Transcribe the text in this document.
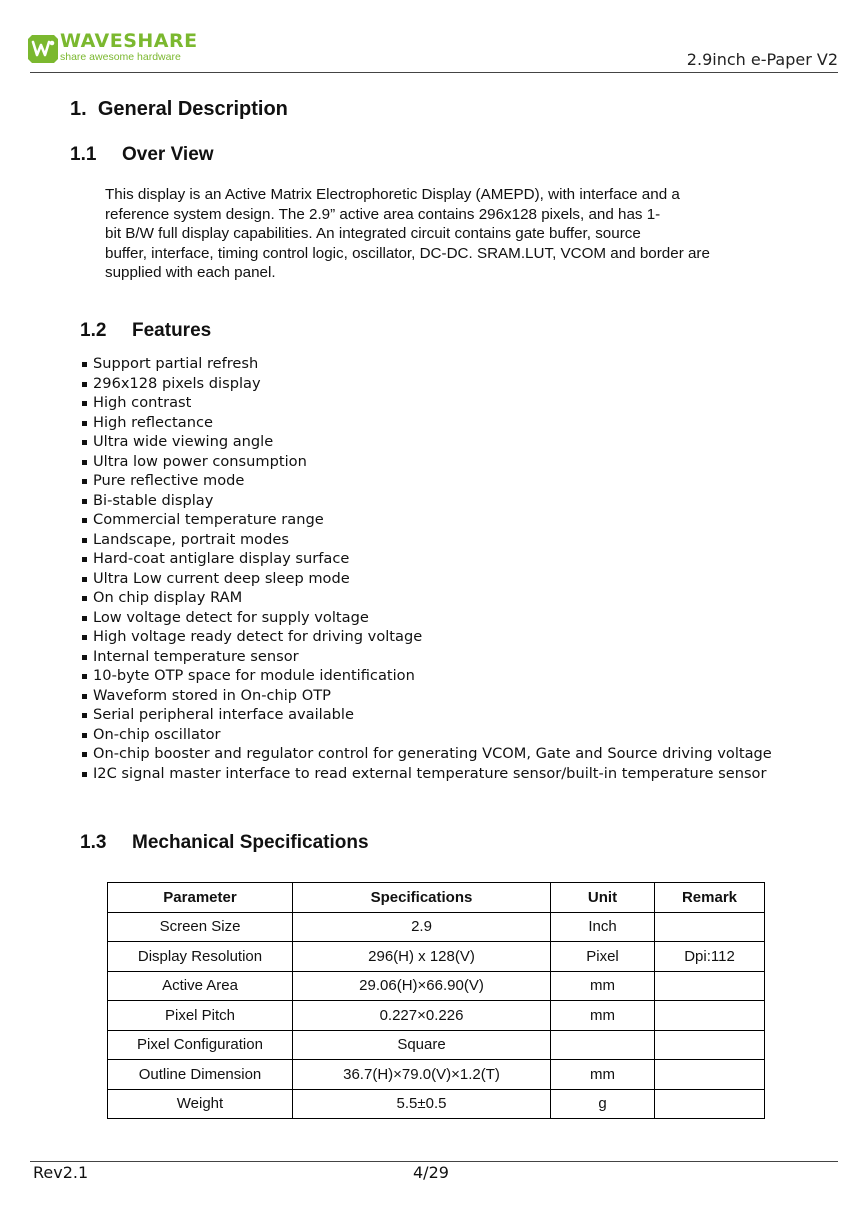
WAVESHARE
share awesome hardware	2.9inch e-Paper V2
1. General Description
1.1 Over View
This display is an Active Matrix Electrophoretic Display (AMEPD), with interface and a
reference system design. The 2.9” active area contains 296x128 pixels, and has 1-
bit B/W full display capabilities. An integrated circuit contains gate buffer, source
buffer, interface, timing control logic, oscillator, DC-DC. SRAM.LUT, VCOM and border are
supplied with each panel.
1.2 Features
Support partial refresh
296x128 pixels display
High contrast
High reflectance
Ultra wide viewing angle
Ultra low power consumption
Pure reflective mode
Bi-stable display
Commercial temperature range
Landscape, portrait modes
Hard-coat antiglare display surface
Ultra Low current deep sleep mode
On chip display RAM
Low voltage detect for supply voltage
High voltage ready detect for driving voltage
Internal temperature sensor
10-byte OTP space for module identification
Waveform stored in On-chip OTP
Serial peripheral interface available
On-chip oscillator
On-chip booster and regulator control for generating VCOM, Gate and Source driving voltage
I2C signal master interface to read external temperature sensor/built-in temperature sensor
1.3 Mechanical Specifications
Parameter	Specifications	Unit	Remark
Screen Size	2.9	Inch	
Display Resolution	296(H) x 128(V)	Pixel	Dpi:112
Active Area	29.06(H)×66.90(V)	mm	
Pixel Pitch	0.227×0.226	mm	
Pixel Configuration	Square		
Outline Dimension	36.7(H)×79.0(V)×1.2(T)	mm	
Weight	5.5±0.5	g	
Rev2.1	4/29
